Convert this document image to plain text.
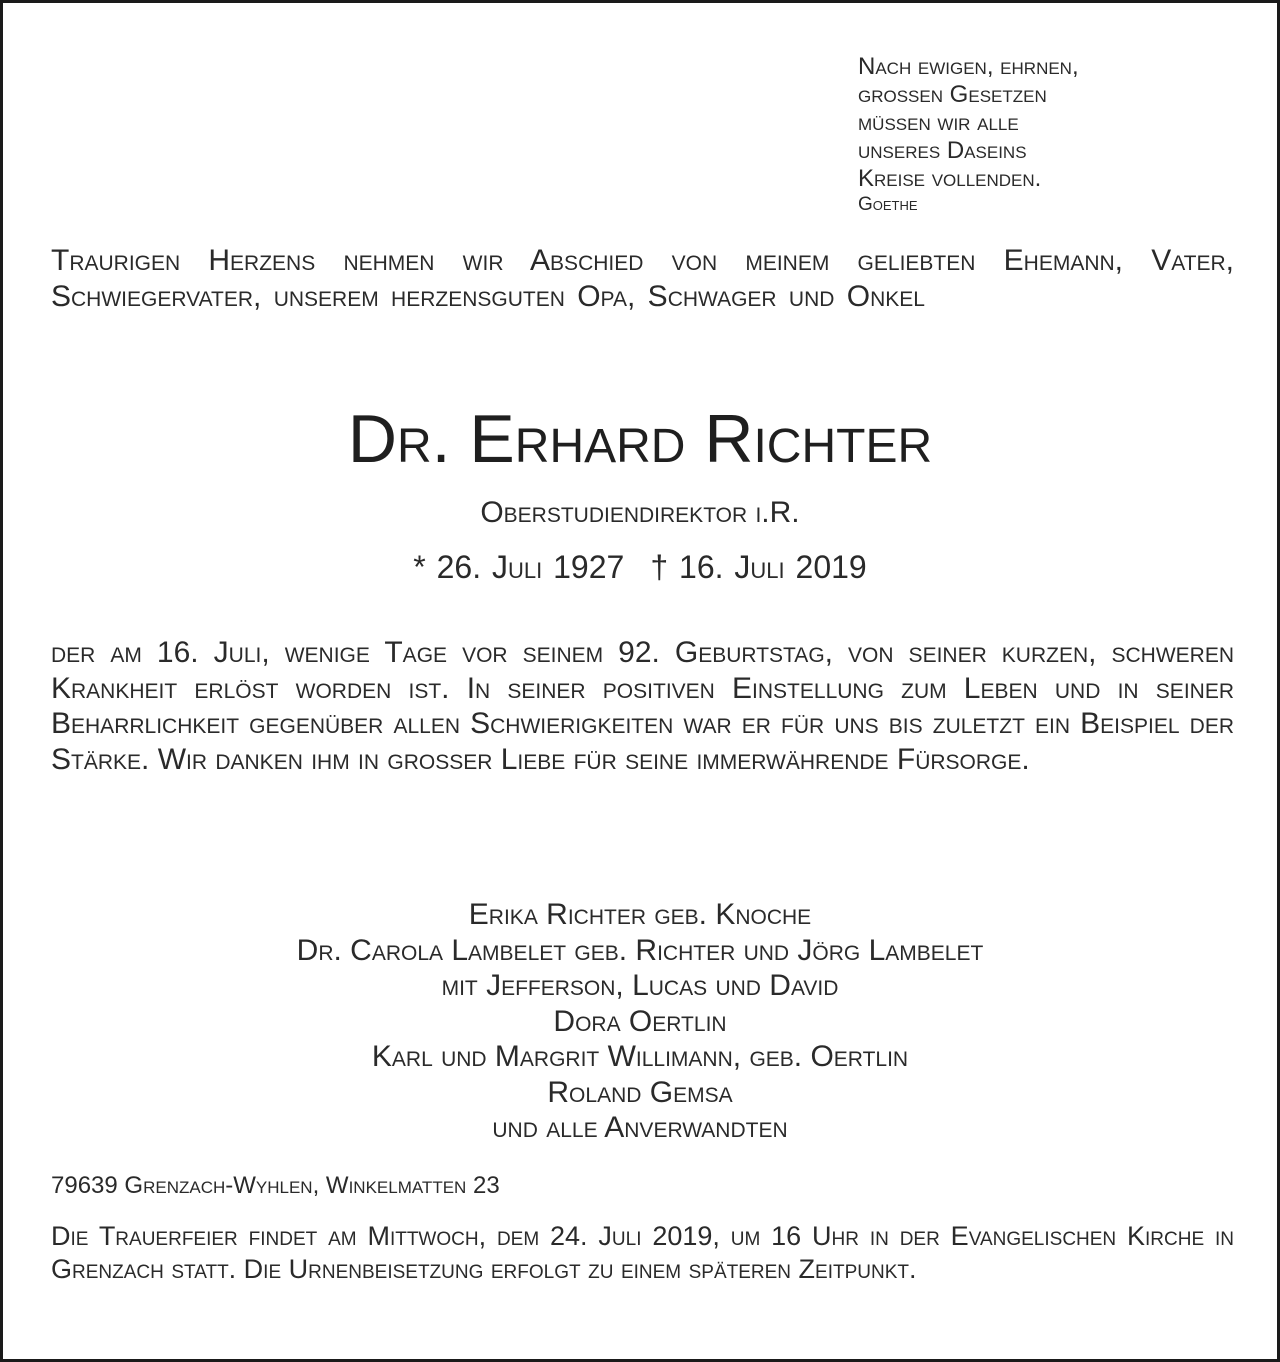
Nach ewigen, ehrnen,
grossen Gesetzen
müssen wir alle
unseres Daseins
Kreise vollenden.
Goethe
Traurigen Herzens nehmen wir Abschied von meinem geliebten Ehemann, Vater, Schwiegervater, unserem herzensguten Opa, Schwager und Onkel
Dr. Erhard Richter
Oberstudiendirektor i.R.
* 26. Juli 1927 † 16. Juli 2019
der am 16. Juli, wenige Tage vor seinem 92. Geburtstag, von seiner kurzen, schweren Krankheit erlöst worden ist. In seiner positiven Einstellung zum Leben und in seiner Beharrlichkeit gegenüber allen Schwierigkeiten war er für uns bis zuletzt ein Beispiel der Stärke. Wir danken ihm in grosser Liebe für seine immerwährende Fürsorge.
Erika Richter geb. Knoche
Dr. Carola Lambelet geb. Richter und Jörg Lambelet
mit Jefferson, Lucas und David
Dora Oertlin
Karl und Margrit Willimann, geb. Oertlin
Roland Gemsa
und alle Anverwandten
79639 Grenzach-Wyhlen, Winkelmatten 23
Die Trauerfeier findet am Mittwoch, dem 24. Juli 2019, um 16 Uhr in der Evangelischen Kirche in Grenzach statt. Die Urnenbeisetzung erfolgt zu einem späteren Zeitpunkt.
